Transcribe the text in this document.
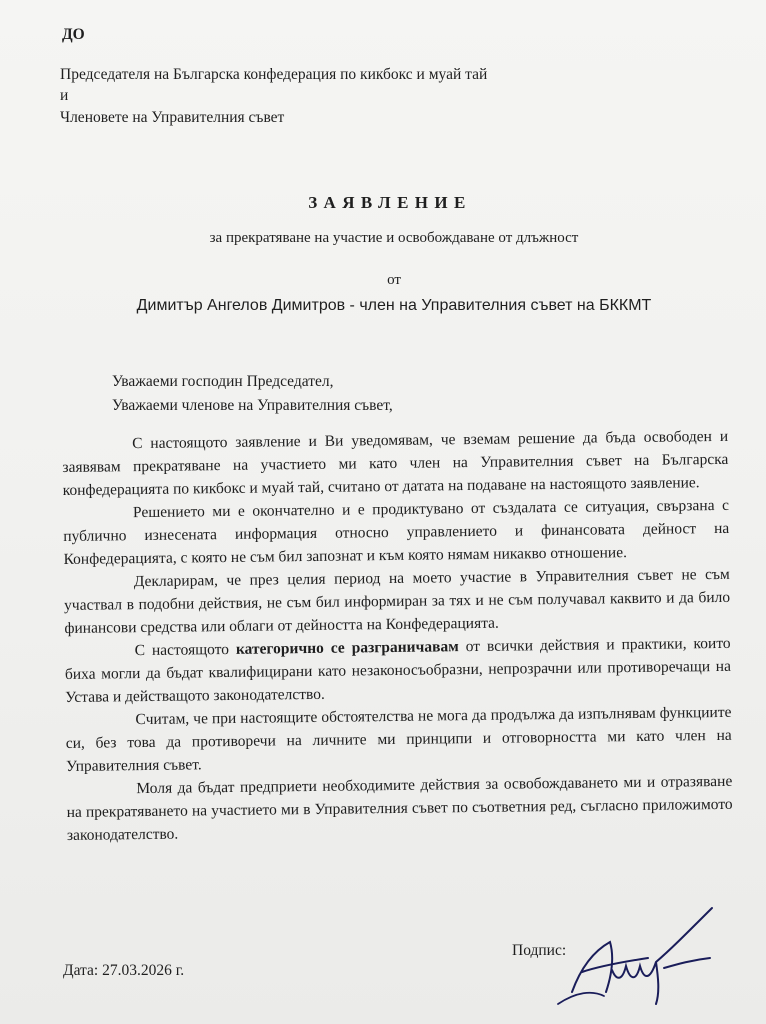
ДО
Председателя на Българска конфедерация по кикбокс и муай тай
и
Членовете на Управителния съвет
ЗАЯВЛЕНИЕ
за прекратяване на участие и освобождаване от длъжност
от
Димитър Ангелов Димитров - член на Управителния съвет на БККМТ
Уважаеми господин Председател,
Уважаеми членове на Управителния съвет,

С настоящото заявление и Ви уведомявам, че вземам решение да бъда освободен и заявявам прекратяване на участието ми като член на Управителния съвет на Българска конфедерацията по кикбокс и муай тай, считано от датата на подаване на настоящото заявление.

Решението ми е окончателно и е продиктувано от създалата се ситуация, свързана с публично изнесената информация относно управлението и финансовата дейност на Конфедерацията, с която не съм бил запознат и към която нямам никакво отношение.

Декларирам, че през целия период на моето участие в Управителния съвет не съм участвал в подобни действия, не съм бил информиран за тях и не съм получавал каквито и да било финансови средства или облаги от дейността на Конфедерацията.

С настоящото категорично се разграничавам от всички действия и практики, които биха могли да бъдат квалифицирани като незаконосъобразни, непрозрачни или противоречащи на Устава и действащото законодателство.

Считам, че при настоящите обстоятелства не мога да продължа да изпълнявам функциите си, без това да противоречи на личните ми принципи и отговорността ми като член на Управителния съвет.

Моля да бъдат предприети необходимите действия за освобождаването ми и отразяване на прекратяването на участието ми в Управителния съвет по съответния ред, съгласно приложимото законодателство.

Подпис:
Дата: 27.03.2026 г.
